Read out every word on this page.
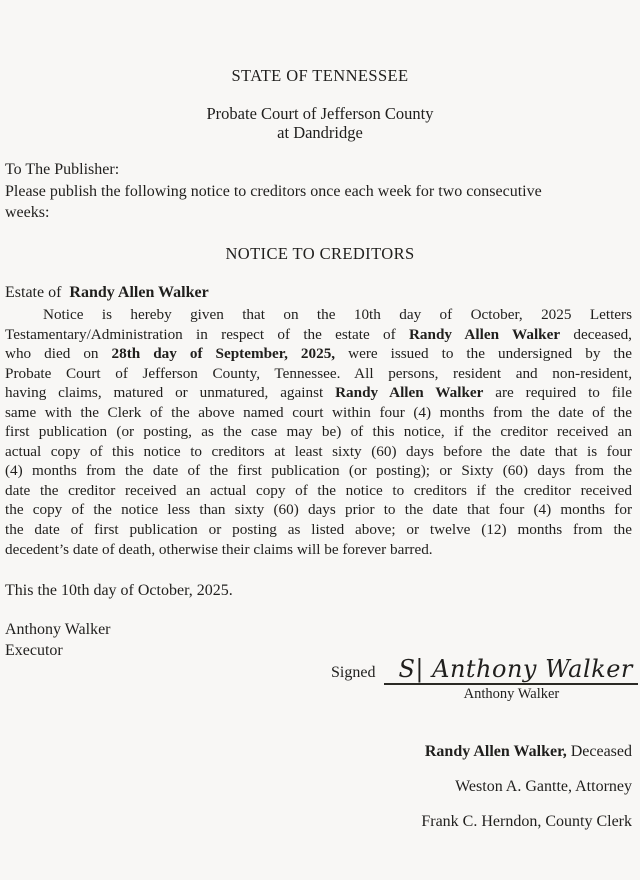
STATE OF TENNESSEE
Probate Court of Jefferson County
at Dandridge
To The Publisher:
Please publish the following notice to creditors once each week for two consecutive
weeks:
NOTICE TO CREDITORS
Estate of  Randy Allen Walker
Notice is hereby given that on the 10th day of October, 2025 Letters
Testamentary/Administration in respect of the estate of Randy Allen Walker deceased,
who died on 28th day of September, 2025, were issued to the undersigned by the
Probate Court of Jefferson County, Tennessee. All persons, resident and non-resident,
having claims, matured or unmatured, against Randy Allen Walker are required to file
same with the Clerk of the above named court within four (4) months from the date of the
first publication (or posting, as the case may be) of this notice, if the creditor received an
actual copy of this notice to creditors at least sixty (60) days before the date that is four
(4) months from the date of the first publication (or posting); or Sixty (60) days from the
date the creditor received an actual copy of the notice to creditors if the creditor received
the copy of the notice less than sixty (60) days prior to the date that four (4) months for
the date of first publication or posting as listed above; or twelve (12) months from the
decedent’s date of death, otherwise their claims will be forever barred.
This the 10th day of October, 2025.
Anthony Walker
Executor
Signed S| Anthony Walker
Anthony Walker
Randy Allen Walker, Deceased
Weston A. Gantte, Attorney
Frank C. Herndon, County Clerk
